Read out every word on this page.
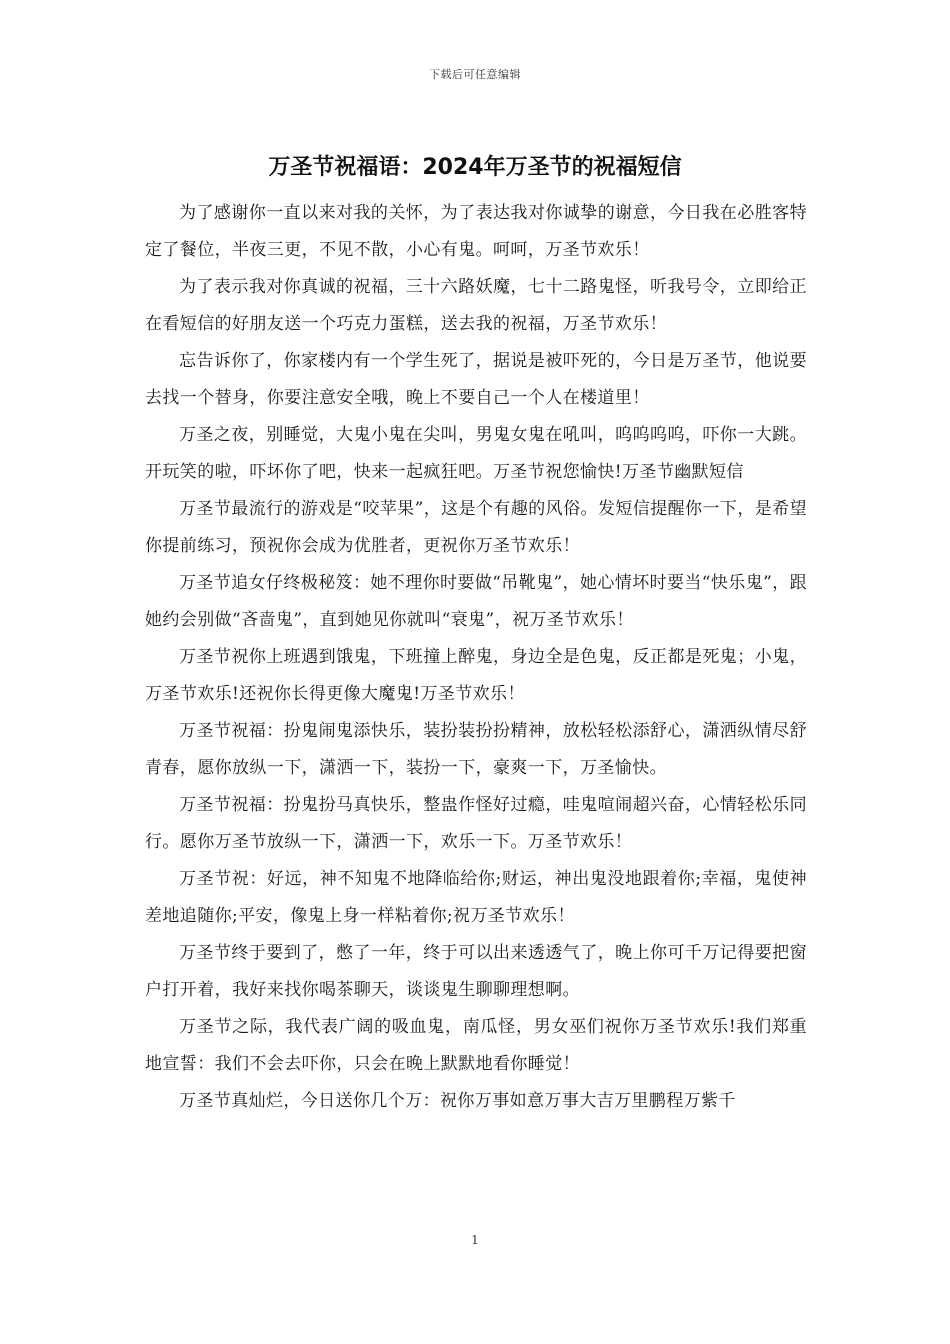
下载后可任意编辑
万圣节祝福语：2024年万圣节的祝福短信

为了感谢你一直以来对我的关怀，为了表达我对你诚挚的谢意，今日我在必胜客特定了餐位，半夜三更，不见不散，小心有鬼。呵呵，万圣节欢乐！

为了表示我对你真诚的祝福，三十六路妖魔，七十二路鬼怪，听我号令，立即给正在看短信的好朋友送一个巧克力蛋糕，送去我的祝福，万圣节欢乐！

忘告诉你了，你家楼内有一个学生死了，据说是被吓死的，今日是万圣节，他说要去找一个替身，你要注意安全哦，晚上不要自己一个人在楼道里！

万圣之夜，别睡觉，大鬼小鬼在尖叫，男鬼女鬼在吼叫，呜呜呜呜，吓你一大跳。开玩笑的啦，吓坏你了吧，快来一起疯狂吧。万圣节祝您愉快!万圣节幽默短信

万圣节最流行的游戏是“咬苹果”，这是个有趣的风俗。发短信提醒你一下，是希望你提前练习，预祝你会成为优胜者，更祝你万圣节欢乐！

万圣节追女仔终极秘笈：她不理你时要做“吊靴鬼”，她心情坏时要当“快乐鬼”，跟她约会别做“吝啬鬼”，直到她见你就叫“衰鬼”，祝万圣节欢乐！

万圣节祝你上班遇到饿鬼，下班撞上醉鬼，身边全是色鬼，反正都是死鬼；小鬼，万圣节欢乐!还祝你长得更像大魔鬼!万圣节欢乐！

万圣节祝福：扮鬼闹鬼添快乐，装扮装扮扮精神，放松轻松添舒心，潇洒纵情尽舒青春，愿你放纵一下，潇洒一下，装扮一下，豪爽一下，万圣愉快。

万圣节祝福：扮鬼扮马真快乐，整蛊作怪好过瘾，哇鬼喧闹超兴奋，心情轻松乐同行。愿你万圣节放纵一下，潇洒一下，欢乐一下。万圣节欢乐！

万圣节祝：好远，神不知鬼不地降临给你;财运，神出鬼没地跟着你;幸福，鬼使神差地追随你;平安，像鬼上身一样粘着你;祝万圣节欢乐！

万圣节终于要到了，憋了一年，终于可以出来透透气了，晚上你可千万记得要把窗户打开着，我好来找你喝茶聊天，谈谈鬼生聊聊理想啊。

万圣节之际，我代表广阔的吸血鬼，南瓜怪，男女巫们祝你万圣节欢乐!我们郑重地宣誓：我们不会去吓你，只会在晚上默默地看你睡觉！

万圣节真灿烂，今日送你几个万：祝你万事如意万事大吉万里鹏程万紫千

1
